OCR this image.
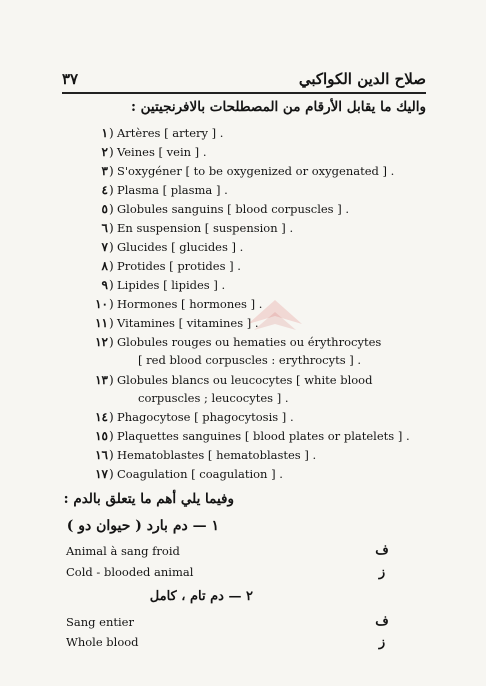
٣٧	صلاح الدين الكواكبي
واليك ما يقابل الأرقام من المصطلحات بالافرنجيتين :
١ ) Artères [ artery ] .
٢ ) Veines [ vein ] .
٣ ) S'oxygéner [ to be oxygenized or oxygenated ] .
٤ ) Plasma [ plasma ] .
٥ ) Globules sanguins [ blood corpuscles ] .
٦ ) En suspension [ suspension ] .
٧ ) Glucides [ glucides ] .
٨ ) Protides [ protides ] .
٩ ) Lipides [ lipides ] .
١٠ ) Hormones [ hormones ] .
١١ ) Vitamines [ vitamines ] .
١٢ ) Globules rouges ou hematies ou érythrocytes
[ red blood corpuscles : erythrocyts ] .
١٣ ) Globules blancs ou leucocytes [ white blood
corpuscles ; leucocytes ] .
١٤ ) Phagocytose [ phagocytosis ] .
١٥ ) Plaquettes sanguines [ blood plates or platelets ] .
١٦ ) Hematoblastes [ hematoblastes ] .
١٧ ) Coagulation [ coagulation ] .
وفيما يلي أهم ما يتعلق بالدم :
١ — دم بارد ( حيوان دو )
Animal à sang froid	ف
Cold - blooded animal	ز
٢ — دم تام ، كامل
Sang entier	ف
Whole blood	ز
